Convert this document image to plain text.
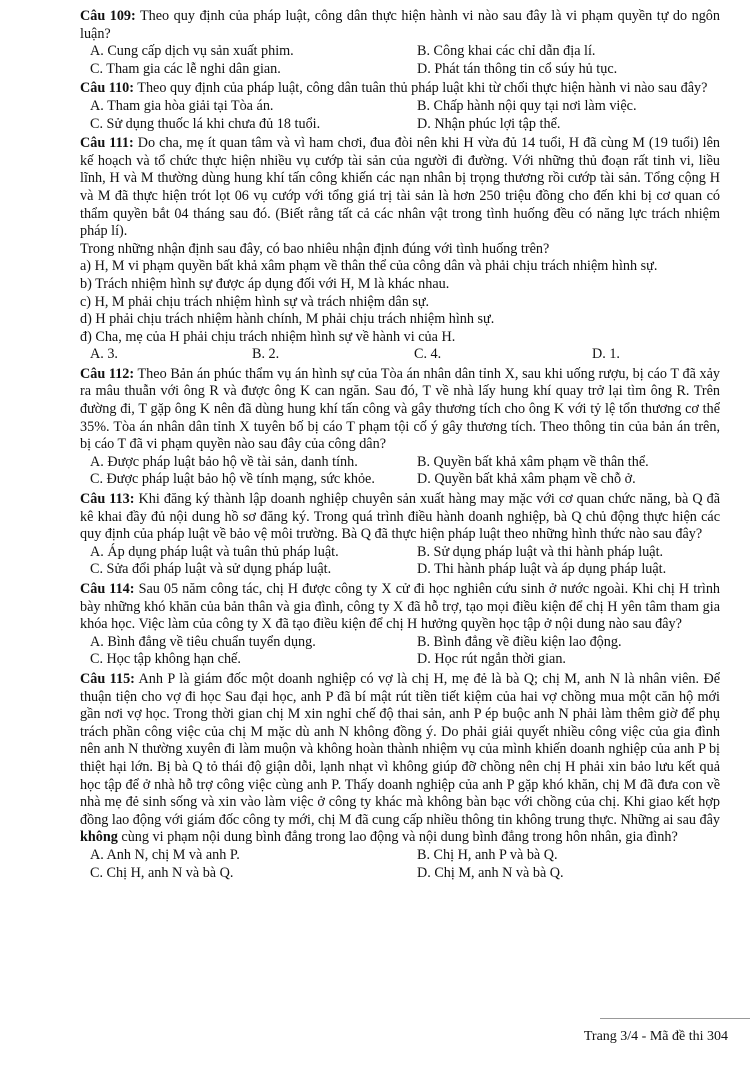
Câu 109: Theo quy định của pháp luật, công dân thực hiện hành vi nào sau đây là vi phạm quyền tự do ngôn luận?
A. Cung cấp dịch vụ sản xuất phim.	B. Công khai các chỉ dẫn địa lí.
C. Tham gia các lễ nghi dân gian.	D. Phát tán thông tin cổ súy hủ tục.
Câu 110: Theo quy định của pháp luật, công dân tuân thủ pháp luật khi từ chối thực hiện hành vi nào sau đây?
A. Tham gia hòa giải tại Tòa án.	B. Chấp hành nội quy tại nơi làm việc.
C. Sử dụng thuốc lá khi chưa đủ 18 tuổi.	D. Nhận phúc lợi tập thể.
Câu 111: Do cha, mẹ ít quan tâm và vì ham chơi, đua đòi nên khi H vừa đủ 14 tuổi, H đã cùng M (19 tuổi) lên kế hoạch và tổ chức thực hiện nhiều vụ cướp tài sản của người đi đường. Với những thủ đoạn rất tinh vi, liều lĩnh, H và M thường dùng hung khí tấn công khiến các nạn nhân bị trọng thương rồi cướp tài sản. Tổng cộng H và M đã thực hiện trót lọt 06 vụ cướp với tổng giá trị tài sản là hơn 250 triệu đồng cho đến khi bị cơ quan có thẩm quyền bắt 04 tháng sau đó. (Biết rằng tất cả các nhân vật trong tình huống đều có năng lực trách nhiệm pháp lí).
Trong những nhận định sau đây, có bao nhiêu nhận định đúng với tình huống trên?
a) H, M vi phạm quyền bất khả xâm phạm về thân thể của công dân và phải chịu trách nhiệm hình sự.
b) Trách nhiệm hình sự được áp dụng đối với H, M là khác nhau.
c) H, M phải chịu trách nhiệm hình sự và trách nhiệm dân sự.
d) H phải chịu trách nhiệm hành chính, M phải chịu trách nhiệm hình sự.
đ) Cha, mẹ của H phải chịu trách nhiệm hình sự về hành vi của H.
A. 3.	B. 2.	C. 4.	D. 1.
Câu 112: Theo Bản án phúc thẩm vụ án hình sự của Tòa án nhân dân tỉnh X, sau khi uống rượu, bị cáo T đã xảy ra mâu thuẫn với ông R và được ông K can ngăn. Sau đó, T về nhà lấy hung khí quay trở lại tìm ông R. Trên đường đi, T gặp ông K nên đã dùng hung khí tấn công và gây thương tích cho ông K với tỷ lệ tổn thương cơ thể 35%. Tòa án nhân dân tỉnh X tuyên bố bị cáo T phạm tội cố ý gây thương tích. Theo thông tin của bản án trên, bị cáo T đã vi phạm quyền nào sau đây của công dân?
A. Được pháp luật bảo hộ về tài sản, danh tính.	B. Quyền bất khả xâm phạm về thân thể.
C. Được pháp luật bảo hộ về tính mạng, sức khỏe.	D. Quyền bất khả xâm phạm về chỗ ở.
Câu 113: Khi đăng ký thành lập doanh nghiệp chuyên sản xuất hàng may mặc với cơ quan chức năng, bà Q đã kê khai đầy đủ nội dung hồ sơ đăng ký. Trong quá trình điều hành doanh nghiệp, bà Q chủ động thực hiện các quy định của pháp luật về bảo vệ môi trường. Bà Q đã thực hiện pháp luật theo những hình thức nào sau đây?
A. Áp dụng pháp luật và tuân thủ pháp luật.	B. Sử dụng pháp luật và thi hành pháp luật.
C. Sửa đổi pháp luật và sử dụng pháp luật.	D. Thi hành pháp luật và áp dụng pháp luật.
Câu 114: Sau 05 năm công tác, chị H được công ty X cử đi học nghiên cứu sinh ở nước ngoài. Khi chị H trình bày những khó khăn của bản thân và gia đình, công ty X đã hỗ trợ, tạo mọi điều kiện để chị H yên tâm tham gia khóa học. Việc làm của công ty X đã tạo điều kiện để chị H hưởng quyền học tập ở nội dung nào sau đây?
A. Bình đẳng về tiêu chuẩn tuyển dụng.	B. Bình đẳng về điều kiện lao động.
C. Học tập không hạn chế.	D. Học rút ngắn thời gian.
Câu 115: Anh P là giám đốc một doanh nghiệp có vợ là chị H, mẹ đẻ là bà Q; chị M, anh N là nhân viên. Để thuận tiện cho vợ đi học Sau đại học, anh P đã bí mật rút tiền tiết kiệm của hai vợ chồng mua một căn hộ mới gần nơi vợ học. Trong thời gian chị M xin nghỉ chế độ thai sản, anh P ép buộc anh N phải làm thêm giờ để phụ trách phần công việc của chị M mặc dù anh N không đồng ý. Do phải giải quyết nhiều công việc của gia đình nên anh N thường xuyên đi làm muộn và không hoàn thành nhiệm vụ của mình khiến doanh nghiệp của anh P bị thiệt hại lớn. Bị bà Q tỏ thái độ giận dỗi, lạnh nhạt vì không giúp đỡ chồng nên chị H phải xin bảo lưu kết quả học tập để ở nhà hỗ trợ công việc cùng anh P. Thấy doanh nghiệp của anh P gặp khó khăn, chị M đã đưa con về nhà mẹ đẻ sinh sống và xin vào làm việc ở công ty khác mà không bàn bạc với chồng của chị. Khi giao kết hợp đồng lao động với giám đốc công ty mới, chị M đã cung cấp nhiều thông tin không trung thực. Những ai sau đây không cùng vi phạm nội dung bình đẳng trong lao động và nội dung bình đẳng trong hôn nhân, gia đình?
A. Anh N, chị M và anh P.	B. Chị H, anh P và bà Q.
C. Chị H, anh N và bà Q.	D. Chị M, anh N và bà Q.
Trang 3/4 - Mã đề thi 304
